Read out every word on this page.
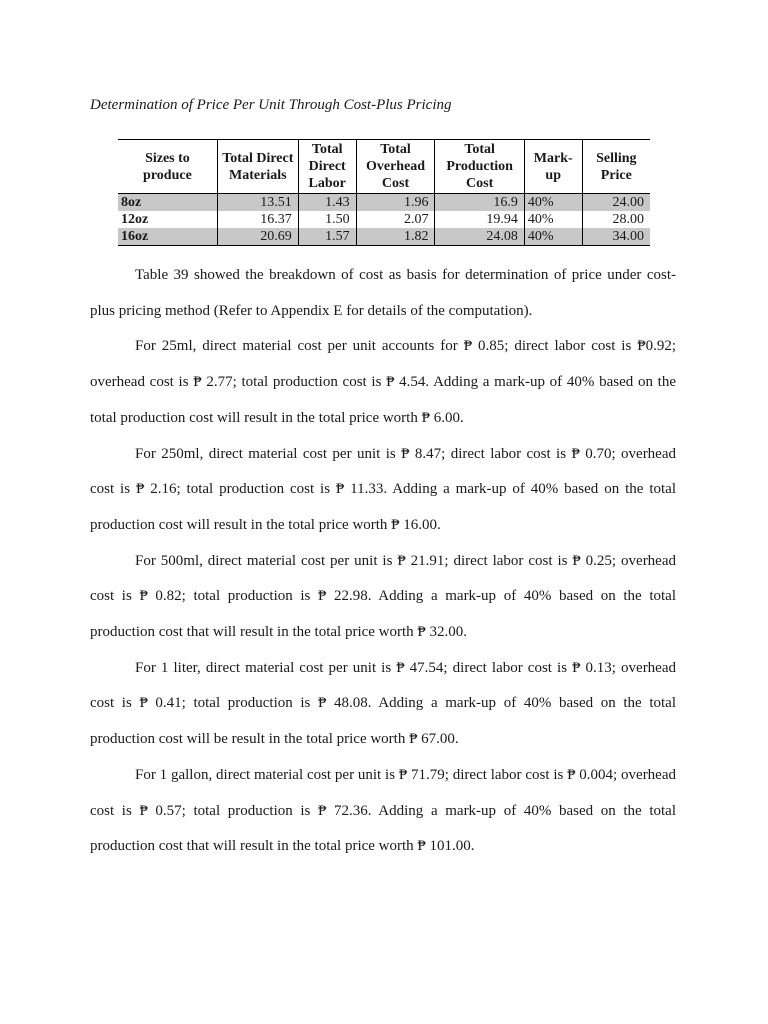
Determination of Price Per Unit Through Cost-Plus Pricing

Sizes to produce	Total Direct Materials	Total Direct Labor	Total Overhead Cost	Total Production Cost	Mark-up	Selling Price
8oz	13.51	1.43	1.96	16.9	40%	24.00
12oz	16.37	1.50	2.07	19.94	40%	28.00
16oz	20.69	1.57	1.82	24.08	40%	34.00

Table 39 showed the breakdown of cost as basis for determination of price under cost-plus pricing method (Refer to Appendix E for details of the computation).

For 25ml, direct material cost per unit accounts for ₱ 0.85; direct labor cost is ₱0.92; overhead cost is ₱ 2.77; total production cost is ₱ 4.54. Adding a mark-up of 40% based on the total production cost will result in the total price worth ₱ 6.00.

For 250ml, direct material cost per unit is ₱ 8.47; direct labor cost is ₱ 0.70; overhead cost is ₱ 2.16; total production cost is ₱ 11.33. Adding a mark-up of 40% based on the total production cost will result in the total price worth ₱ 16.00.

For 500ml, direct material cost per unit is ₱ 21.91; direct labor cost is ₱ 0.25; overhead cost is ₱ 0.82; total production is ₱ 22.98. Adding a mark-up of 40% based on the total production cost that will result in the total price worth ₱ 32.00.

For 1 liter, direct material cost per unit is ₱ 47.54; direct labor cost is ₱ 0.13; overhead cost is ₱ 0.41; total production is ₱ 48.08. Adding a mark-up of 40% based on the total production cost will be result in the total price worth ₱ 67.00.

For 1 gallon, direct material cost per unit is ₱ 71.79; direct labor cost is ₱ 0.004; overhead cost is ₱ 0.57; total production is ₱ 72.36. Adding a mark-up of 40% based on the total production cost that will result in the total price worth ₱ 101.00.
